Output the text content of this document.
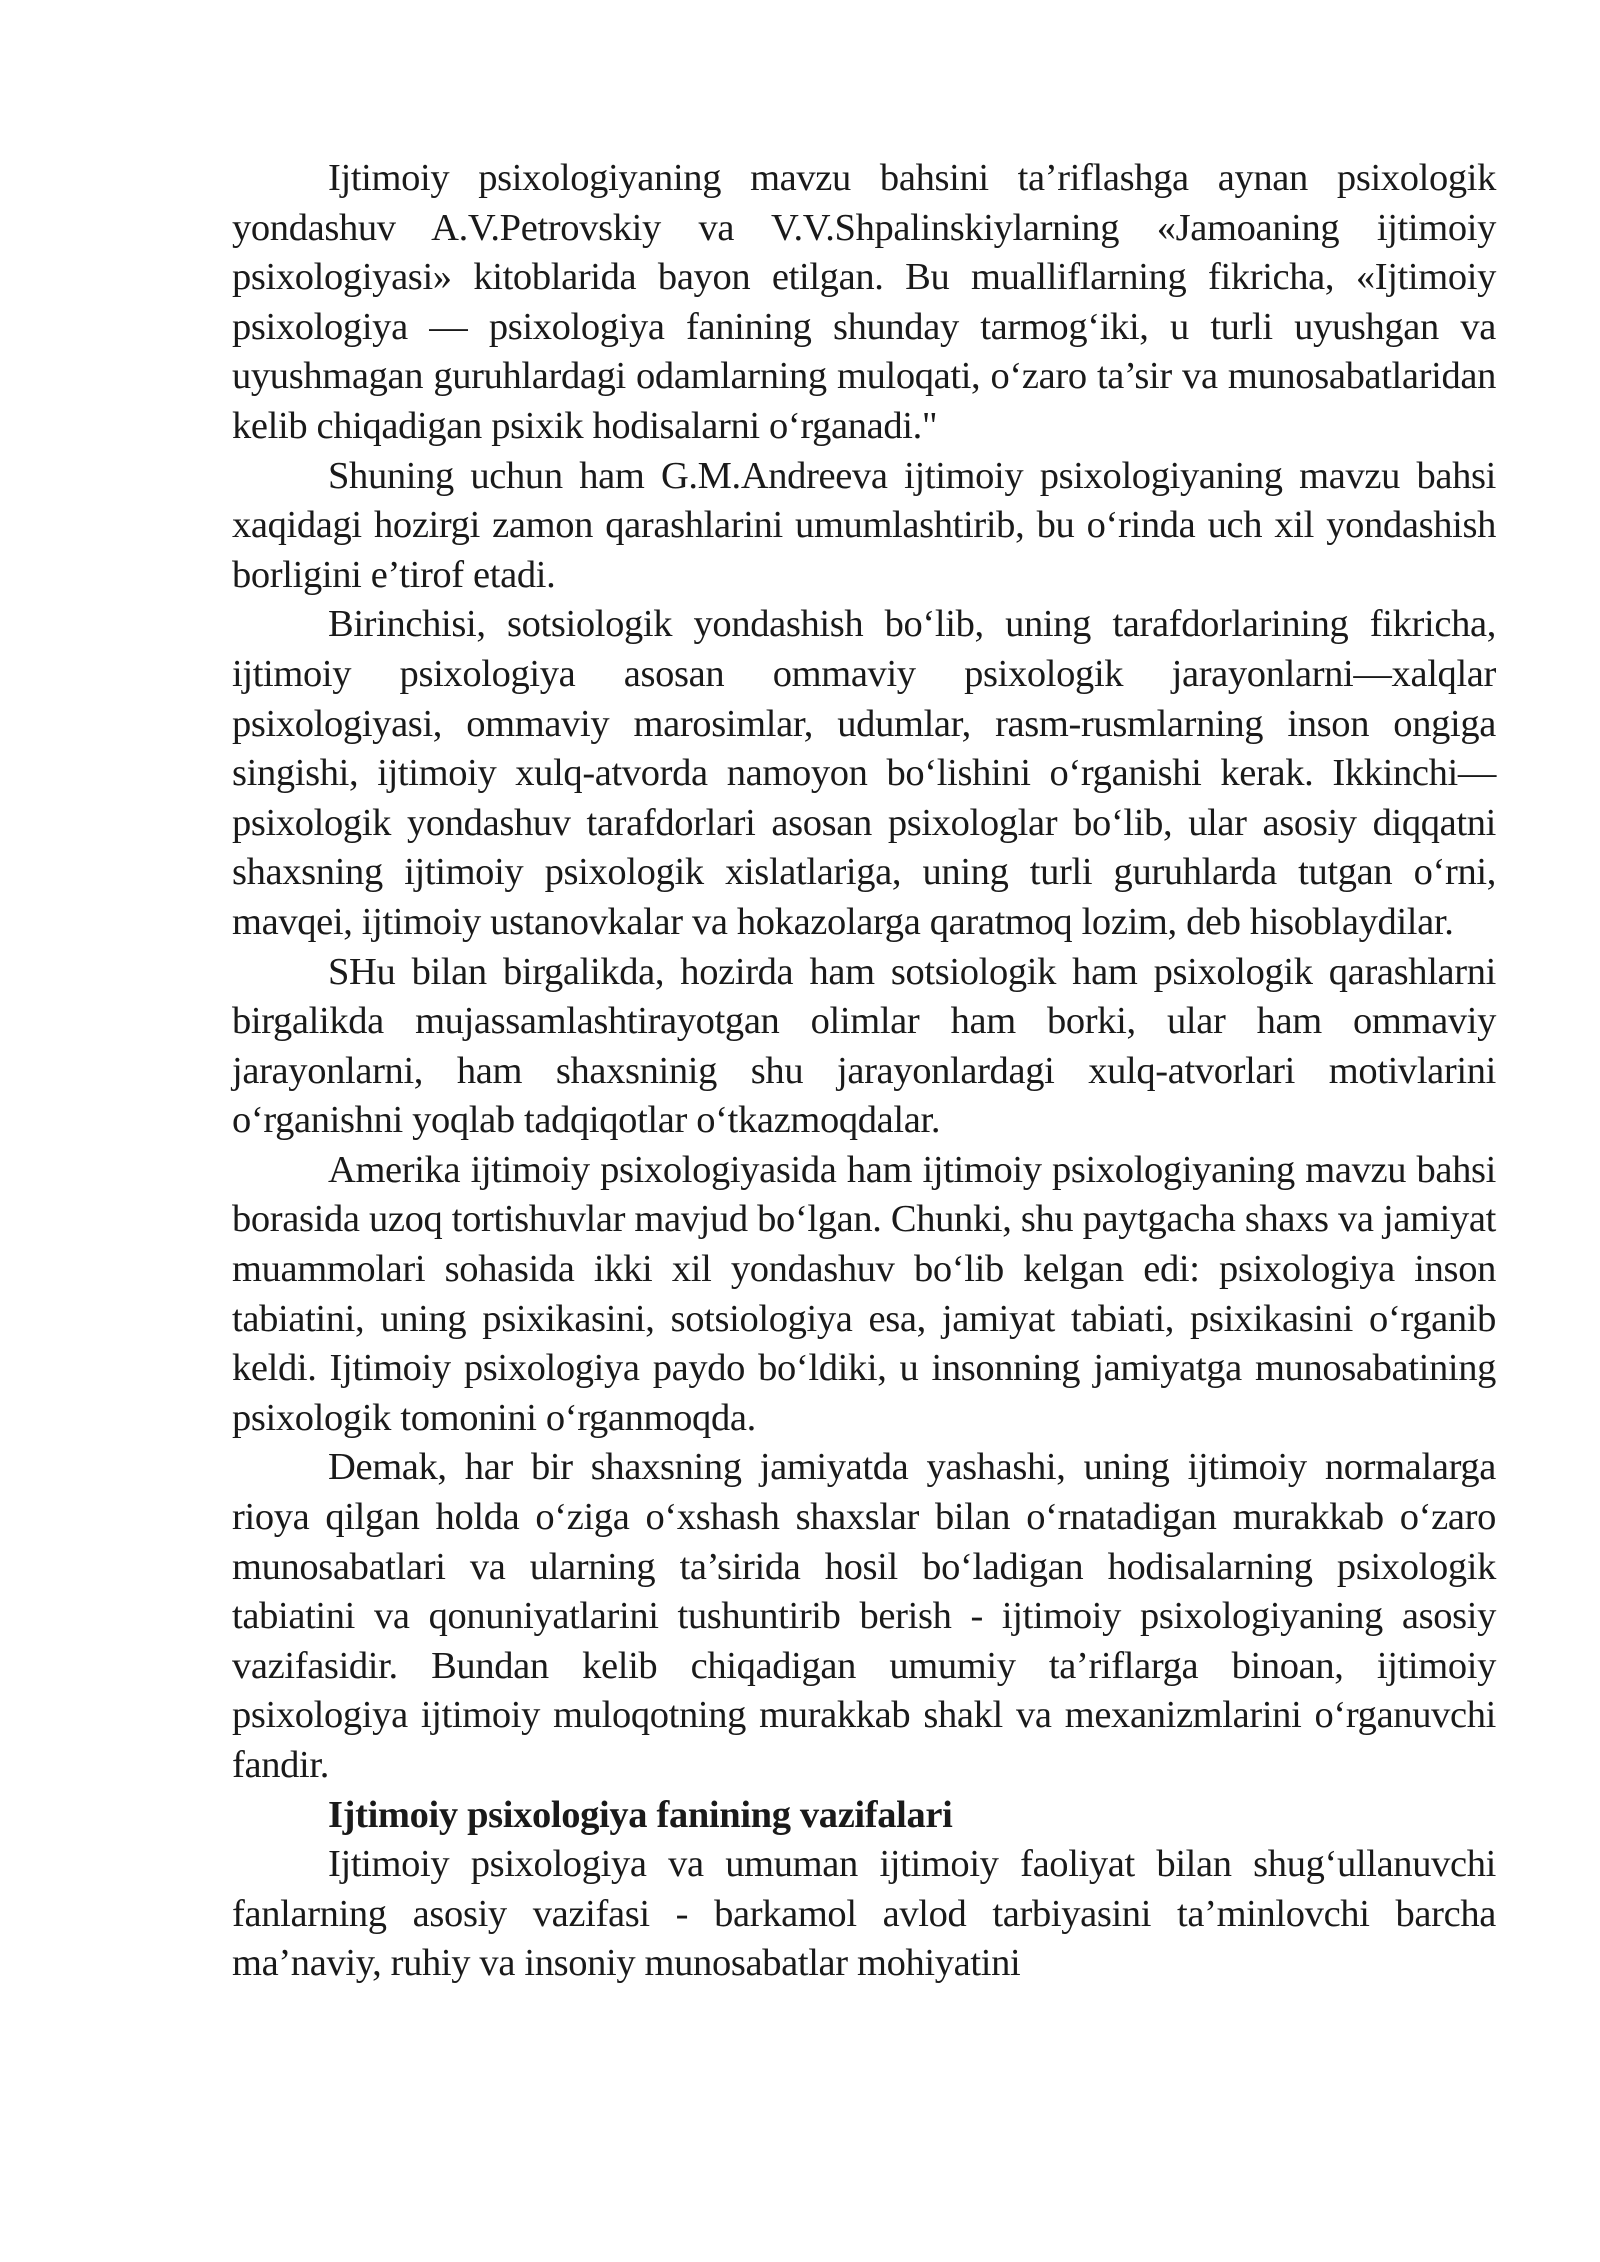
Ijtimoiy psixologiyaning mavzu bahsini ta’riflashga aynan psixologik yondashuv A.V.Petrovskiy va V.V.Shpalinskiylarning «Jamoaning ijtimoiy psixologiyasi» kitoblarida bayon etilgan. Bu mualliflarning fikricha, «Ijtimoiy psixologiya — psixologiya fanining shunday tarmog‘iki, u turli uyushgan va uyushmagan guruhlardagi odamlarning muloqati, o‘zaro ta’sir va munosabatlaridan kelib chiqadigan psixik hodisalarni o‘rganadi."

Shuning uchun ham G.M.Andreeva ijtimoiy psixologiyaning mavzu bahsi xaqidagi hozirgi zamon qarashlarini umumlashtirib, bu o‘rinda uch xil yondashish borligini e’tirof etadi.

Birinchisi, sotsiologik yondashish bo‘lib, uning tarafdorlarining fikricha, ijtimoiy psixologiya asosan ommaviy psixologik jarayonlarni—xalqlar psixologiyasi, ommaviy marosimlar, udumlar, rasm-rusmlarning inson ongiga singishi, ijtimoiy xulq-atvorda namoyon bo‘lishini o‘rganishi kerak. Ikkinchi—psixologik yondashuv tarafdorlari asosan psixologlar bo‘lib, ular asosiy diqqatni shaxsning ijtimoiy psixologik xislatlariga, uning turli guruhlarda tutgan o‘rni, mavqei, ijtimoiy ustanovkalar va hokazolarga qaratmoq lozim, deb hisoblaydilar.

SHu bilan birgalikda, hozirda ham sotsiologik ham psixologik qarashlarni birgalikda mujassamlashtirayotgan olimlar ham borki, ular ham ommaviy jarayonlarni, ham shaxsninig shu jarayonlardagi xulq-atvorlari motivlarini o‘rganishni yoqlab tadqiqotlar o‘tkazmoqdalar.

Amerika ijtimoiy psixologiyasida ham ijtimoiy psixologiyaning mavzu bahsi borasida uzoq tortishuvlar mavjud bo‘lgan. Chunki, shu paytgacha shaxs va jamiyat muammolari sohasida ikki xil yondashuv bo‘lib kelgan edi: psixologiya inson tabiatini, uning psixikasini, sotsiologiya esa, jamiyat tabiati, psixikasini o‘rganib keldi. Ijtimoiy psixologiya paydo bo‘ldiki, u insonning jamiyatga munosabatining psixologik tomonini o‘rganmoqda.

Demak, har bir shaxsning jamiyatda yashashi, uning ijtimoiy normalarga rioya qilgan holda o‘ziga o‘xshash shaxslar bilan o‘rnatadigan murakkab o‘zaro munosabatlari va ularning ta’sirida hosil bo‘ladigan hodisalarning psixologik tabiatini va qonuniyatlarini tushuntirib berish - ijtimoiy psixologiyaning asosiy vazifasidir. Bundan kelib chiqadigan umumiy ta’riflarga binoan, ijtimoiy psixologiya ijtimoiy muloqotning murakkab shakl va mexanizmlarini o‘rganuvchi fandir.

Ijtimoiy psixologiya fanining vazifalari

Ijtimoiy psixologiya va umuman ijtimoiy faoliyat bilan shug‘ullanuvchi fanlarning asosiy vazifasi - barkamol avlod tarbiyasini ta’minlovchi barcha ma’naviy, ruhiy va insoniy munosabatlar mohiyatini
